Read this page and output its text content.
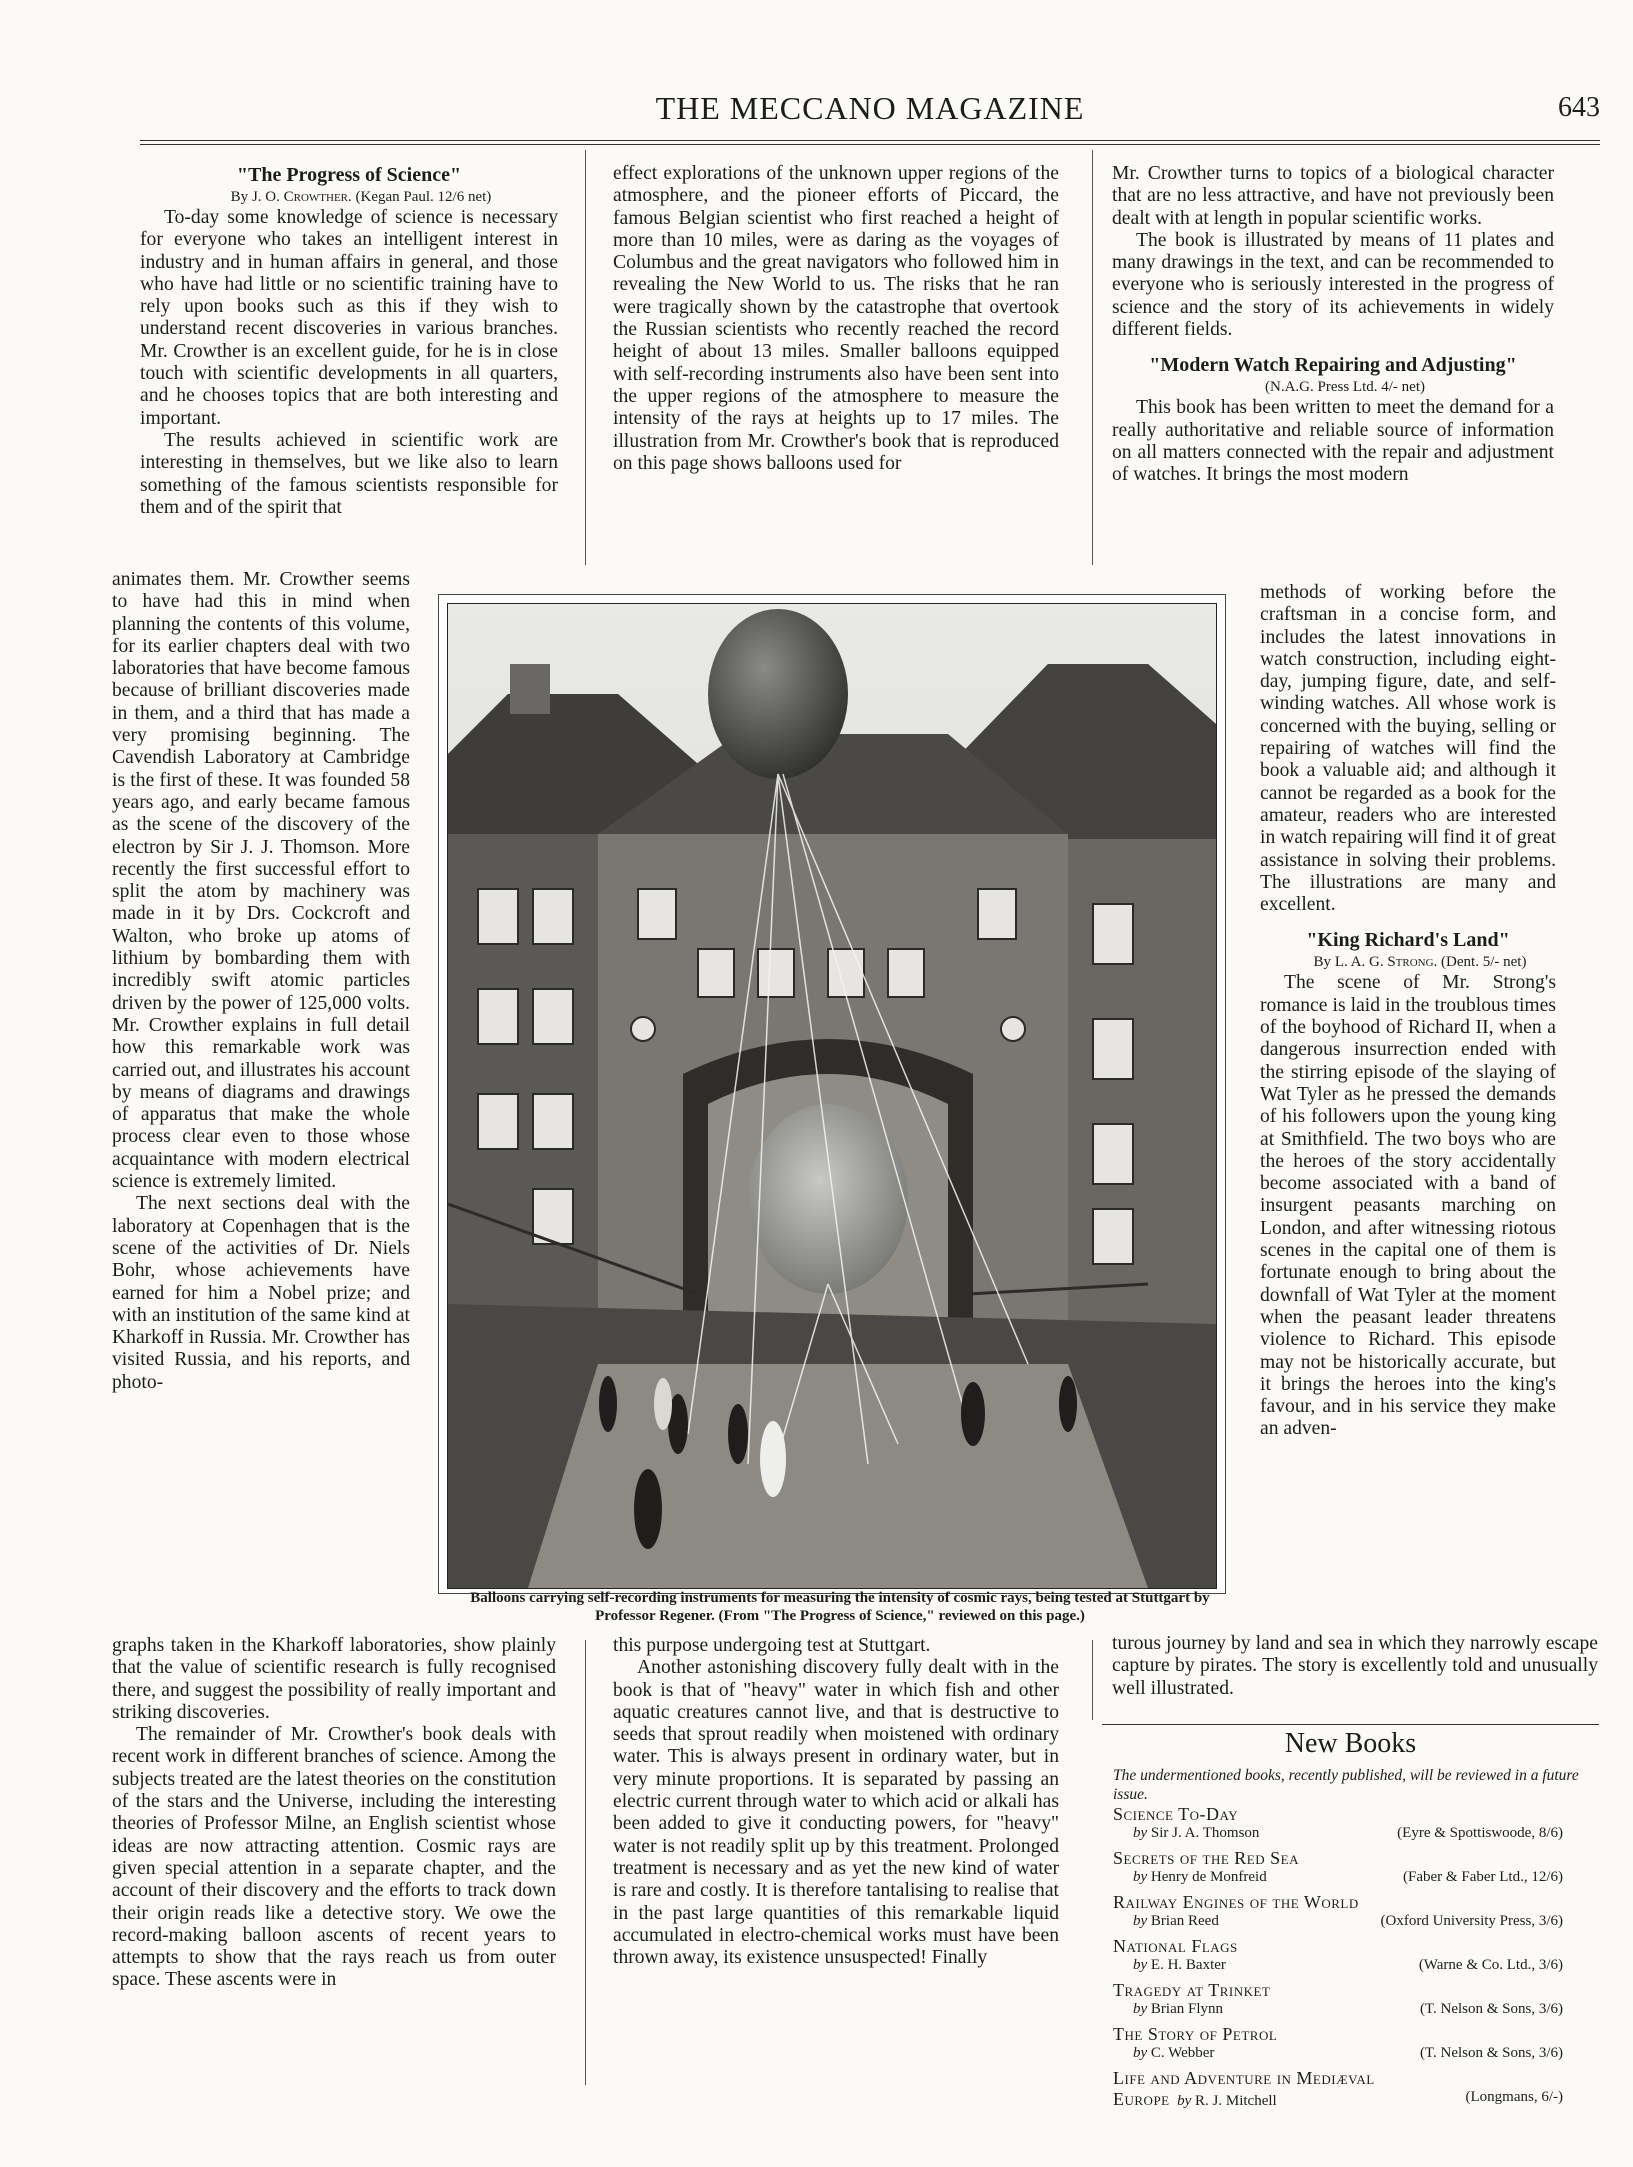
THE MECCANO MAGAZINE	643

"The Progress of Science"

By J. O. Crowther. (Kegan Paul. 12/6 net)

To-day some knowledge of science is necessary for everyone who takes an intelligent interest in industry and in human affairs in general, and those who have had little or no scientific training have to rely upon books such as this if they wish to understand recent discoveries in various branches. Mr. Crowther is an excellent guide, for he is in close touch with scientific developments in all quarters, and he chooses topics that are both interesting and important.

The results achieved in scientific work are interesting in themselves, but we like also to learn something of the famous scientists responsible for them and of the spirit that

animates them. Mr. Crowther seems to have had this in mind when planning the contents of this volume, for its earlier chapters deal with two laboratories that have become famous because of brilliant discoveries made in them, and a third that has made a very promising beginning. The Cavendish Laboratory at Cambridge is the first of these. It was founded 58 years ago, and early became famous as the scene of the discovery of the electron by Sir J. J. Thomson. More recently the first successful effort to split the atom by machinery was made in it by Drs. Cockcroft and Walton, who broke up atoms of lithium by bombarding them with incredibly swift atomic particles driven by the power of 125,000 volts. Mr. Crowther explains in full detail how this remarkable work was carried out, and illustrates his account by means of diagrams and drawings of apparatus that make the whole process clear even to those whose acquaintance with modern electrical science is extremely limited.

The next sections deal with the laboratory at Copenhagen that is the scene of the activities of Dr. Niels Bohr, whose achievements have earned for him a Nobel prize; and with an institution of the same kind at Kharkoff in Russia. Mr. Crowther has visited Russia, and his reports, and photo-

graphs taken in the Kharkoff laboratories, show plainly that the value of scientific research is fully recognised there, and suggest the possibility of really important and striking discoveries.

The remainder of Mr. Crowther's book deals with recent work in different branches of science. Among the subjects treated are the latest theories on the constitution of the stars and the Universe, including the interesting theories of Professor Milne, an English scientist whose ideas are now attracting attention. Cosmic rays are given special attention in a separate chapter, and the account of their discovery and the efforts to track down their origin reads like a detective story. We owe the record-making balloon ascents of recent years to attempts to show that the rays reach us from outer space. These ascents were in

effect explorations of the unknown upper regions of the atmosphere, and the pioneer efforts of Piccard, the famous Belgian scientist who first reached a height of more than 10 miles, were as daring as the voyages of Columbus and the great navigators who followed him in revealing the New World to us. The risks that he ran were tragically shown by the catastrophe that overtook the Russian scientists who recently reached the record height of about 13 miles. Smaller balloons equipped with self-recording instruments also have been sent into the upper regions of the atmosphere to measure the intensity of the rays at heights up to 17 miles. The illustration from Mr. Crowther's book that is reproduced on this page shows balloons used for

this purpose undergoing test at Stuttgart.

Another astonishing discovery fully dealt with in the book is that of "heavy" water in which fish and other aquatic creatures cannot live, and that is destructive to seeds that sprout readily when moistened with ordinary water. This is always present in ordinary water, but in very minute proportions. It is separated by passing an electric current through water to which acid or alkali has been added to give it conducting powers, for "heavy" water is not readily split up by this treatment. Prolonged treatment is necessary and as yet the new kind of water is rare and costly. It is therefore tantalising to realise that in the past large quantities of this remarkable liquid accumulated in electro-chemical works must have been thrown away, its existence unsuspected! Finally

Mr. Crowther turns to topics of a biological character that are no less attractive, and have not previously been dealt with at length in popular scientific works.

The book is illustrated by means of 11 plates and many drawings in the text, and can be recommended to everyone who is seriously interested in the progress of science and the story of its achievements in widely different fields.

"Modern Watch Repairing and Adjusting"

(N.A.G. Press Ltd. 4/- net)

This book has been written to meet the demand for a really authoritative and reliable source of information on all matters connected with the repair and adjustment of watches. It brings the most modern

methods of working before the craftsman in a concise form, and includes the latest innovations in watch construction, including eight-day, jumping figure, date, and self-winding watches. All whose work is concerned with the buying, selling or repairing of watches will find the book a valuable aid; and although it cannot be regarded as a book for the amateur, readers who are interested in watch repairing will find it of great assistance in solving their problems. The illustrations are many and excellent.

"King Richard's Land"

By L. A. G. Strong. (Dent. 5/- net)

The scene of Mr. Strong's romance is laid in the troublous times of the boyhood of Richard II, when a dangerous insurrection ended with the stirring episode of the slaying of Wat Tyler as he pressed the demands of his followers upon the young king at Smithfield. The two boys who are the heroes of the story accidentally become associated with a band of insurgent peasants marching on London, and after witnessing riotous scenes in the capital one of them is fortunate enough to bring about the downfall of Wat Tyler at the moment when the peasant leader threatens violence to Richard. This episode may not be historically accurate, but it brings the heroes into the king's favour, and in his service they make an adven-

turous journey by land and sea in which they narrowly escape capture by pirates. The story is excellently told and unusually well illustrated.

Balloons carrying self-recording instruments for measuring the intensity of cosmic rays, being tested at Stuttgart by Professor Regener. (From "The Progress of Science," reviewed on this page.)
New Books
The undermentioned books, recently published, will be reviewed in a future issue.
Science To-Day
by Sir J. A. Thomson	(Eyre & Spottiswoode, 8/6)
Secrets of the Red Sea
by Henry de Monfreid	(Faber & Faber Ltd., 12/6)
Railway Engines of the World
by Brian Reed	(Oxford University Press, 3/6)
National Flags
by E. H. Baxter	(Warne & Co. Ltd., 3/6)
Tragedy at Trinket
by Brian Flynn	(T. Nelson & Sons, 3/6)
The Story of Petrol
by C. Webber	(T. Nelson & Sons, 3/6)
Life and Adventure in Mediæval
Europe by R. J. Mitchell	(Longmans, 6/-)
